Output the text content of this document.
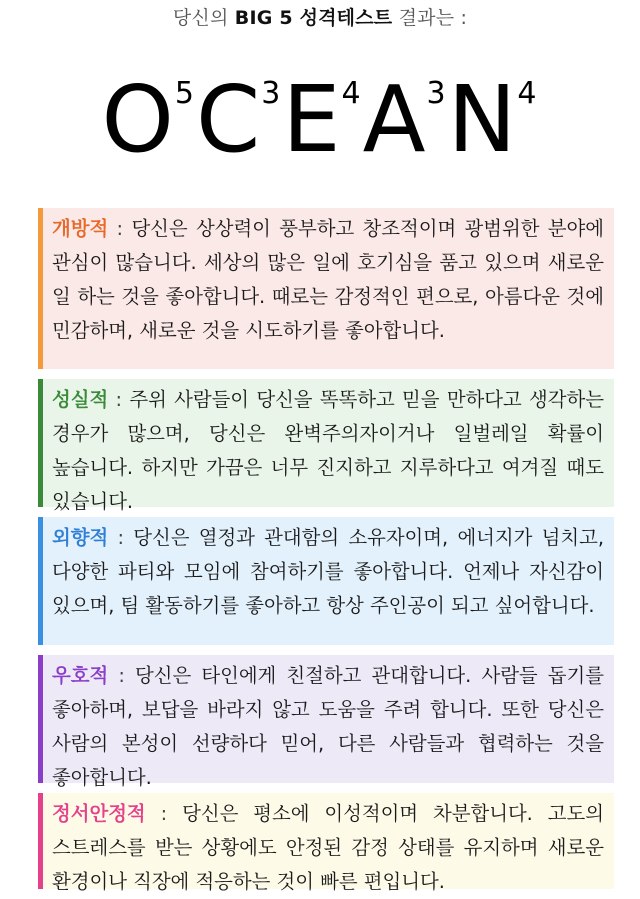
당신의 BIG 5 성격테스트 결과는 :
O5C3E4A3N4
개방적 : 당신은 상상력이 풍부하고 창조적이며 광범위한 분야에 관심이 많습니다. 세상의 많은 일에 호기심을 품고 있으며 새로운 일 하는 것을 좋아합니다. 때로는 감정적인 편으로, 아름다운 것에 민감하며, 새로운 것을 시도하기를 좋아합니다.
성실적 : 주위 사람들이 당신을 똑똑하고 믿을 만하다고 생각하는 경우가 많으며, 당신은 완벽주의자이거나 일벌레일 확률이 높습니다. 하지만 가끔은 너무 진지하고 지루하다고 여겨질 때도 있습니다.
외향적 : 당신은 열정과 관대함의 소유자이며, 에너지가 넘치고, 다양한 파티와 모임에 참여하기를 좋아합니다. 언제나 자신감이 있으며, 팀 활동하기를 좋아하고 항상 주인공이 되고 싶어합니다.
우호적 : 당신은 타인에게 친절하고 관대합니다. 사람들 돕기를 좋아하며, 보답을 바라지 않고 도움을 주려 합니다. 또한 당신은 사람의 본성이 선량하다 믿어, 다른 사람들과 협력하는 것을 좋아합니다.
정서안정적 : 당신은 평소에 이성적이며 차분합니다. 고도의 스트레스를 받는 상황에도 안정된 감정 상태를 유지하며 새로운 환경이나 직장에 적응하는 것이 빠른 편입니다.
